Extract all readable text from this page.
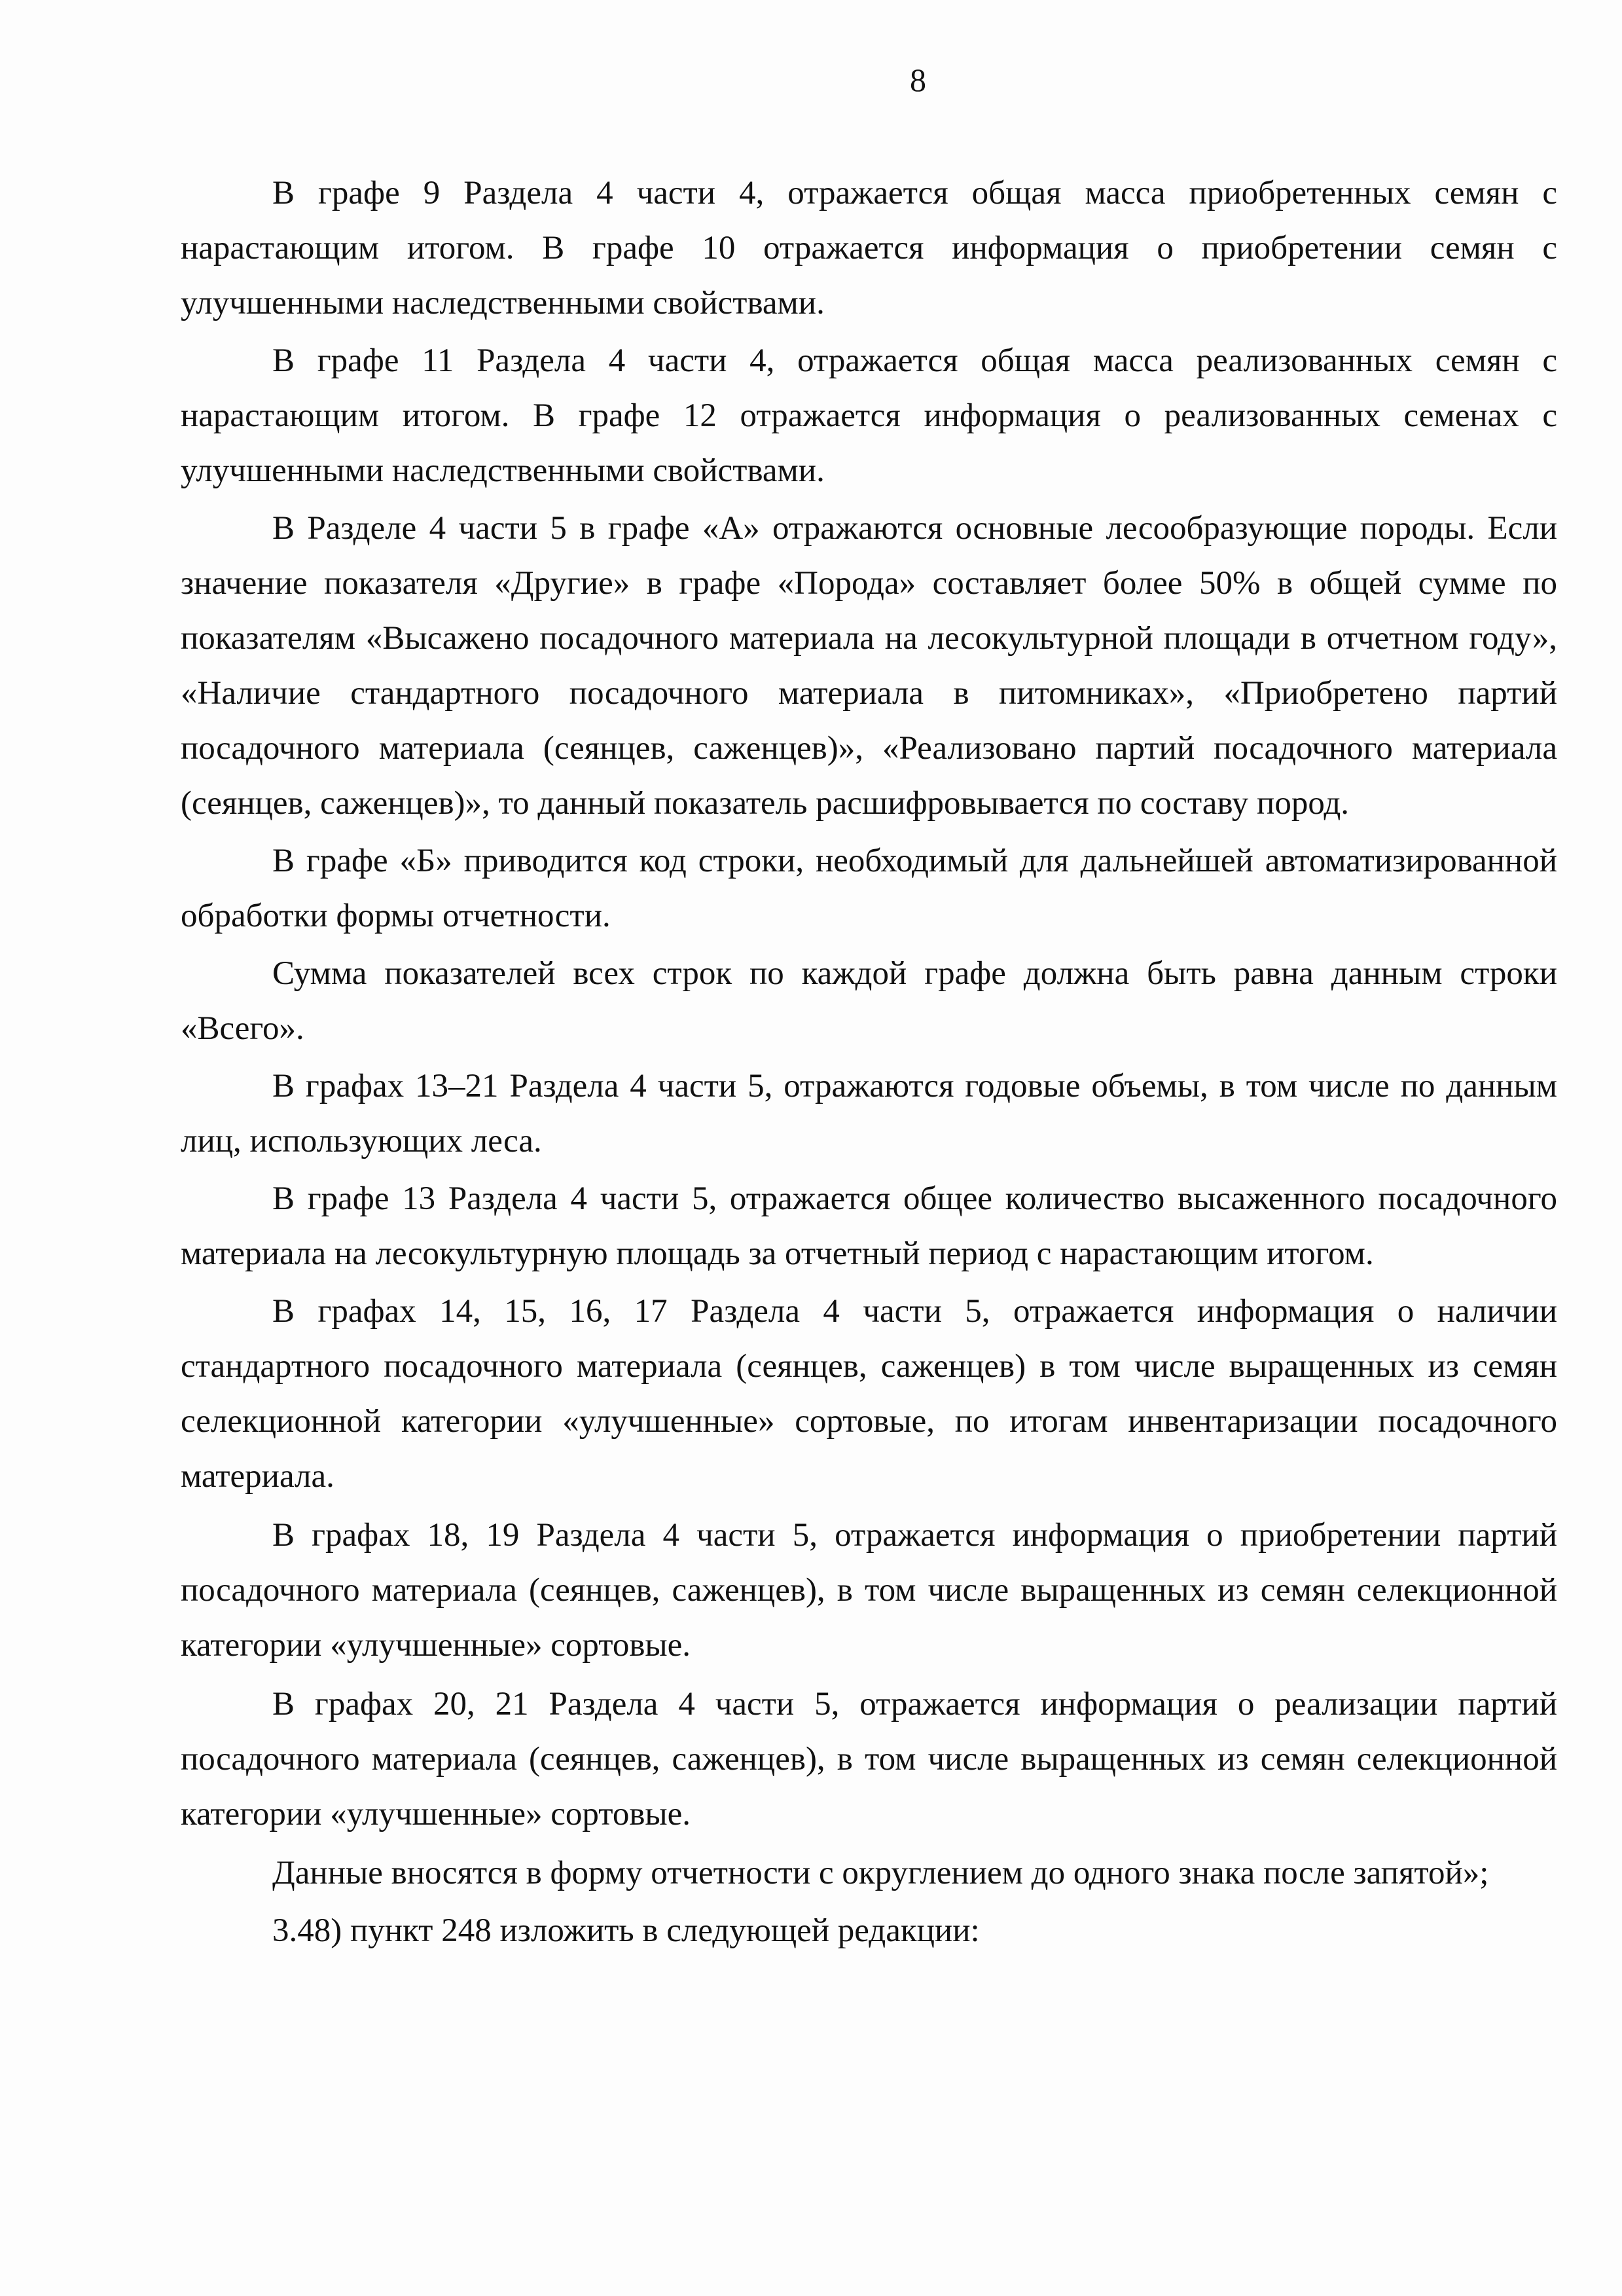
8

В графе 9 Раздела 4 части 4, отражается общая масса приобретенных семян с нарастающим итогом. В графе 10 отражается информация о приобретении семян с улучшенными наследственными свойствами.

В графе 11 Раздела 4 части 4, отражается общая масса реализованных семян с нарастающим итогом. В графе 12 отражается информация о реализованных семенах с улучшенными наследственными свойствами.

В Разделе 4 части 5 в графе «А» отражаются основные лесообразующие породы. Если значение показателя «Другие» в графе «Порода» составляет более 50% в общей сумме по показателям «Высажено посадочного материала на лесокультурной площади в отчетном году», «Наличие стандартного посадочного материала в питомниках», «Приобретено партий посадочного материала (сеянцев, саженцев)», «Реализовано партий посадочного материала (сеянцев, саженцев)», то данный показатель расшифровывается по составу пород.

В графе «Б» приводится код строки, необходимый для дальнейшей автоматизированной обработки формы отчетности.

Сумма показателей всех строк по каждой графе должна быть равна данным строки «Всего».

В графах 13–21 Раздела 4 части 5, отражаются годовые объемы, в том числе по данным лиц, использующих леса.

В графе 13 Раздела 4 части 5, отражается общее количество высаженного посадочного материала на лесокультурную площадь за отчетный период с нарастающим итогом.

В графах 14, 15, 16, 17 Раздела 4 части 5, отражается информация о наличии стандартного посадочного материала (сеянцев, саженцев) в том числе выращенных из семян селекционной категории «улучшенные» сортовые, по итогам инвентаризации посадочного материала.

В графах 18, 19 Раздела 4 части 5, отражается информация о приобретении партий посадочного материала (сеянцев, саженцев), в том числе выращенных из семян селекционной категории «улучшенные» сортовые.

В графах 20, 21 Раздела 4 части 5, отражается информация о реализации партий посадочного материала (сеянцев, саженцев), в том числе выращенных из семян селекционной категории «улучшенные» сортовые.

Данные вносятся в форму отчетности с округлением до одного знака после запятой»;

3.48) пункт 248 изложить в следующей редакции:
